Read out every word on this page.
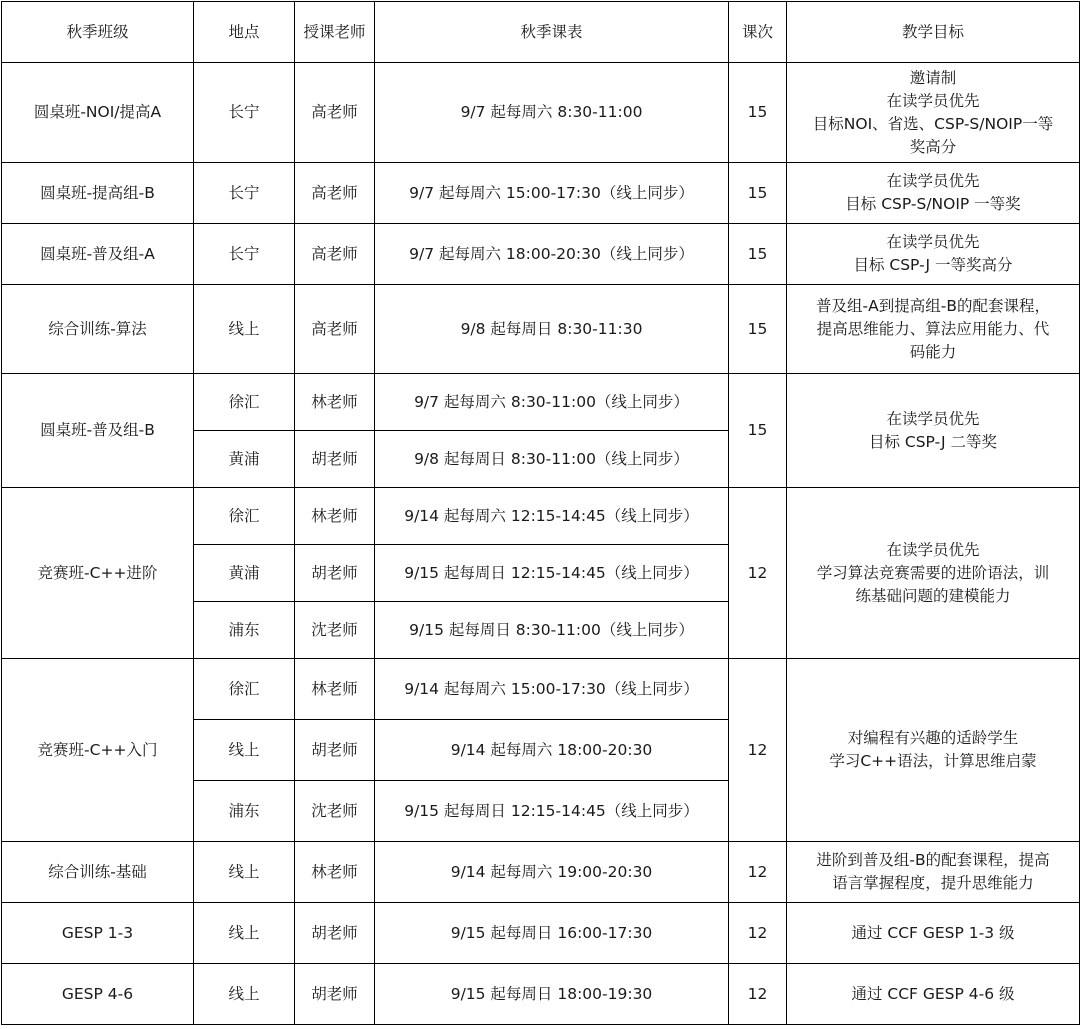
秋季班级	地点	授课老师	秋季课表	课次	教学目标
圆桌班-NOI/提高A	长宁	高老师	9/7 起每周六 8:30-11:00	15	邀请制
在读学员优先
目标NOI、省选、CSP-S/NOIP一等
奖高分

圆桌班-提高组-B	长宁	高老师	9/7 起每周六 15:00-17:30（线上同步）	15	在读学员优先
目标 CSP-S/NOIP 一等奖

圆桌班-普及组-A	长宁	高老师	9/7 起每周六 18:00-20:30（线上同步）	15	在读学员优先
目标 CSP-J 一等奖高分

综合训练-算法	线上	高老师	9/8 起每周日 8:30-11:30	15	普及组-A到提高组-B的配套课程，
提高思维能力、算法应用能力、代
码能力

圆桌班-普及组-B	徐汇	林老师	9/7 起每周六 8:30-11:00（线上同步）	15	在读学员优先
目标 CSP-J 二等奖

	黄浦	胡老师	9/8 起每周日 8:30-11:00（线上同步）		
竞赛班-C++进阶	徐汇	林老师	9/14 起每周六 12:15-14:45（线上同步）	12	在读学员优先
学习算法竞赛需要的进阶语法，训
练基础问题的建模能力

	黄浦	胡老师	9/15 起每周日 12:15-14:45（线上同步）		
	浦东	沈老师	9/15 起每周日 8:30-11:00（线上同步）		
竞赛班-C++入门	徐汇	林老师	9/14 起每周六 15:00-17:30（线上同步）	12	对编程有兴趣的适龄学生
学习C++语法，计算思维启蒙

	线上	胡老师	9/14 起每周六 18:00-20:30		
	浦东	沈老师	9/15 起每周日 12:15-14:45（线上同步）		
综合训练-基础	线上	林老师	9/14 起每周六 19:00-20:30	12	进阶到普及组-B的配套课程，提高
语言掌握程度，提升思维能力

GESP 1-3	线上	胡老师	9/15 起每周日 16:00-17:30	12	通过 CCF GESP 1-3 级

GESP 4-6	线上	胡老师	9/15 起每周日 18:00-19:30	12	通过 CCF GESP 4-6 级
